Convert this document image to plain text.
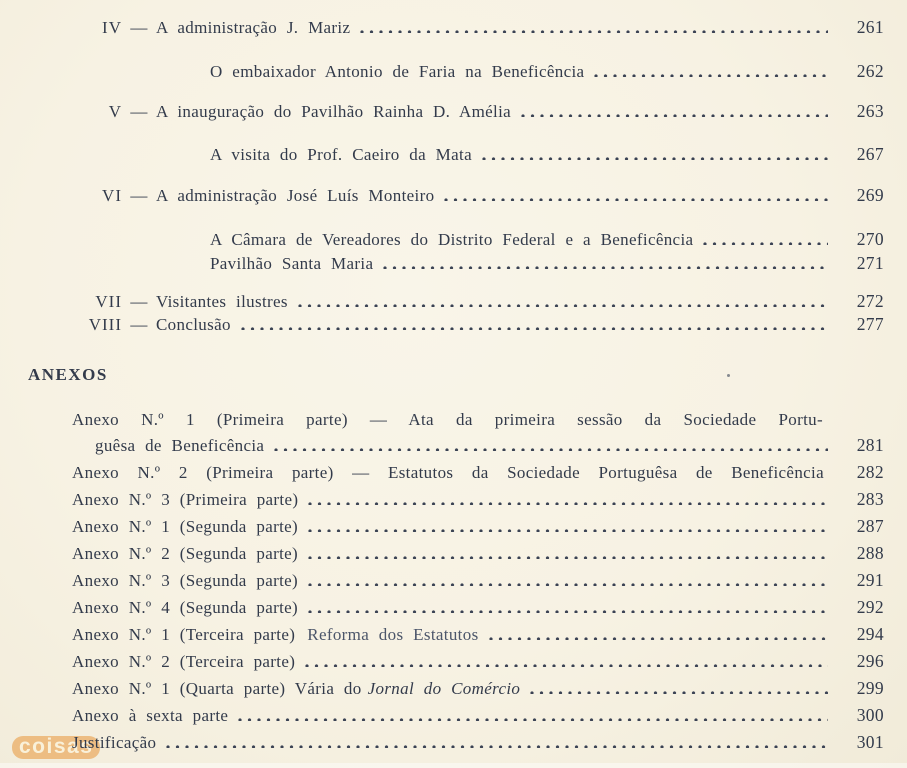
IV — A administração J. Mariz	261
O embaixador Antonio de Faria na Beneficência	262
V — A inauguração do Pavilhão Rainha D. Amélia	263
A visita do Prof. Caeiro da Mata	267
VI — A administração José Luís Monteiro	269
A Câmara de Vereadores do Distrito Federal e a Beneficência	270
Pavilhão Santa Maria	271
VII — Visitantes ilustres	272
VIII — Conclusão	277
ANEXOS
Anexo N.º 1 (Primeira parte) — Ata da primeira sessão da Sociedade Portu-
guêsa de Beneficência	281
Anexo N.º 2 (Primeira parte) — Estatutos da Sociedade Portuguêsa de Beneficência	282
Anexo N.º 3 (Primeira parte)	283
Anexo N.º 1 (Segunda parte)	287
Anexo N.º 2 (Segunda parte)	288
Anexo N.º 3 (Segunda parte)	291
Anexo N.º 4 (Segunda parte)	292
Anexo N.º 1 (Terceira parte) Reforma dos Estatutos	294
Anexo N.º 2 (Terceira parte)	296
Anexo N.º 1 (Quarta parte) Vária do Jornal do Comércio	299
Anexo à sexta parte	300
Justificação	301
coisas
